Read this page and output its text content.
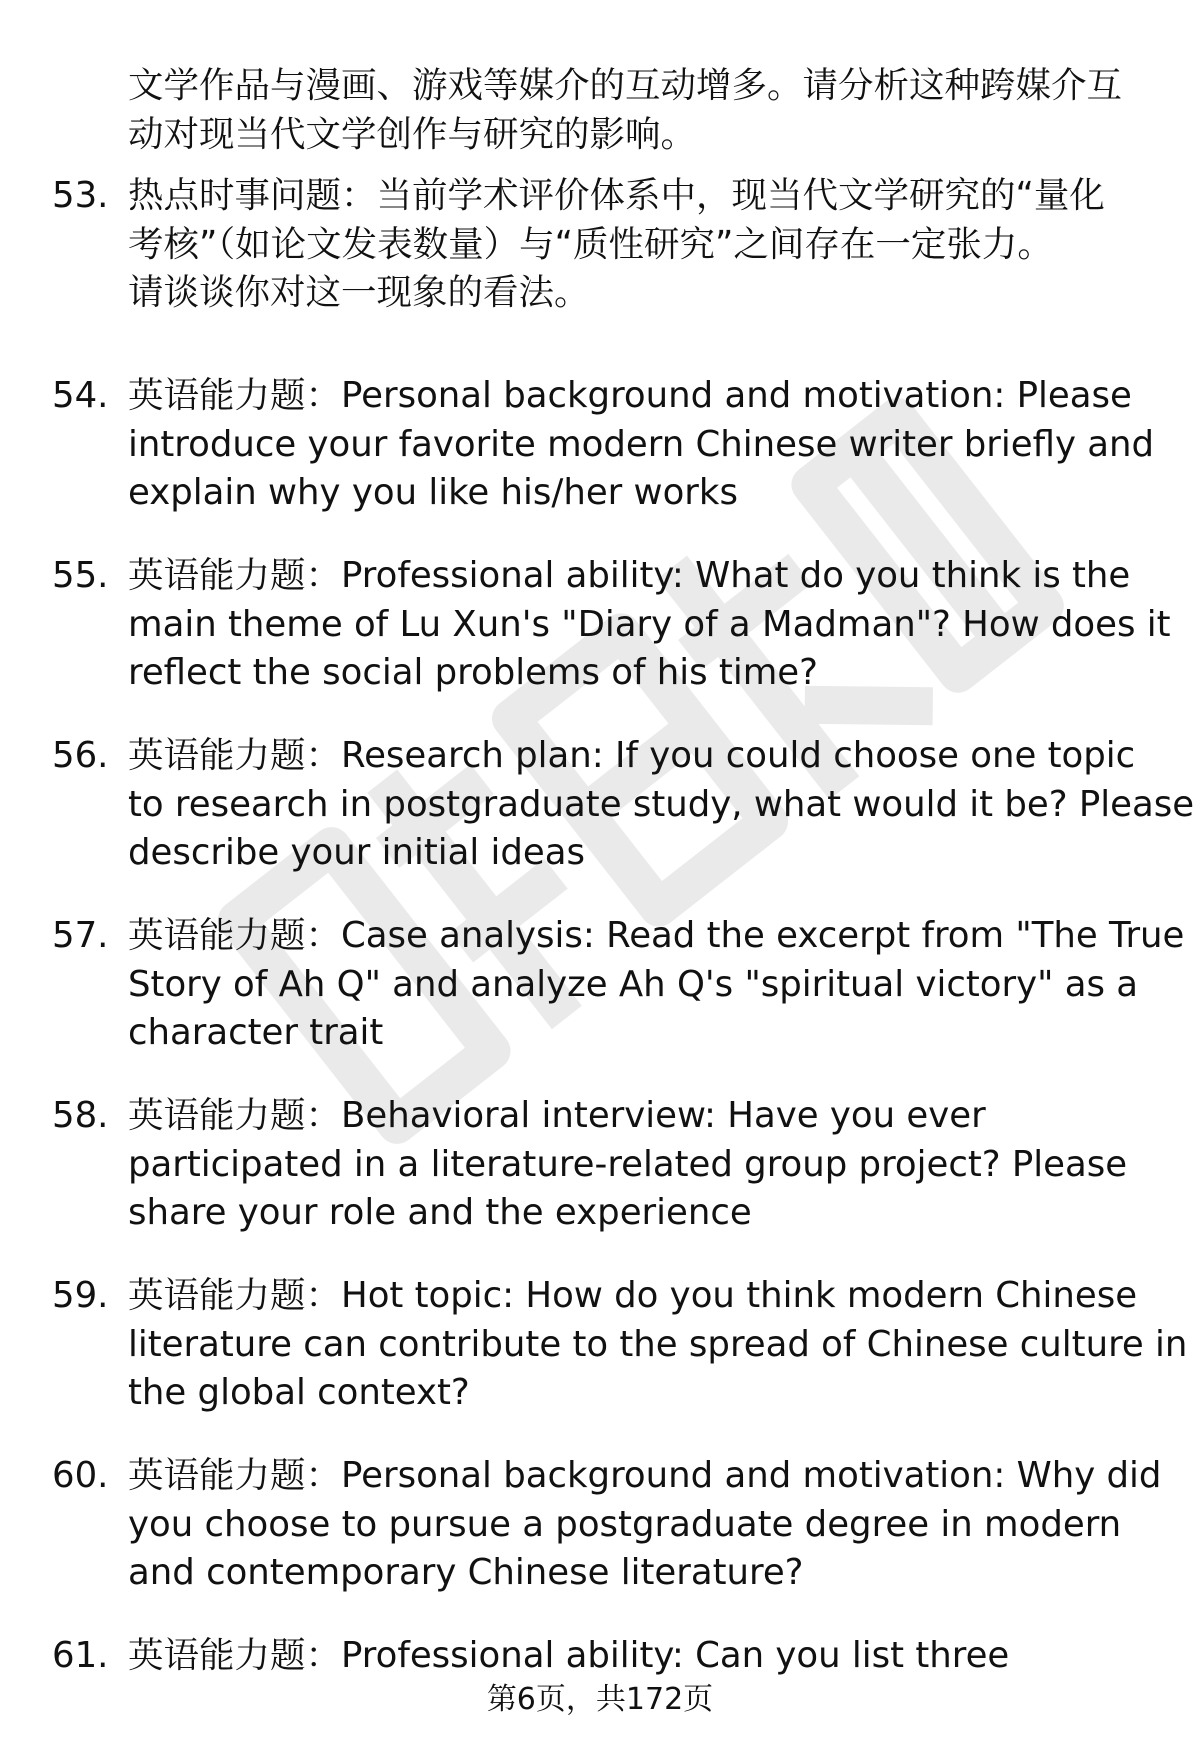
文学作品与漫画、游戏等媒介的互动增多。请分析这种跨媒介互
动对现当代文学创作与研究的影响。
53. 热点时事问题：当前学术评价体系中，现当代文学研究的“量化
考核”（如论文发表数量）与“质性研究”之间存在一定张力。
请谈谈你对这一现象的看法。
54. 英语能力题：Personal background and motivation: Please
introduce your favorite modern Chinese writer briefly and
explain why you like his/her works
55. 英语能力题：Professional ability: What do you think is the
main theme of Lu Xun's "Diary of a Madman"? How does it
reflect the social problems of his time?
56. 英语能力题：Research plan: If you could choose one topic
to research in postgraduate study, what would it be? Please
describe your initial ideas
57. 英语能力题：Case analysis: Read the excerpt from "The True
Story of Ah Q" and analyze Ah Q's "spiritual victory" as a
character trait
58. 英语能力题：Behavioral interview: Have you ever
participated in a literature-related group project? Please
share your role and the experience
59. 英语能力题：Hot topic: How do you think modern Chinese
literature can contribute to the spread of Chinese culture in
the global context?
60. 英语能力题：Personal background and motivation: Why did
you choose to pursue a postgraduate degree in modern
and contemporary Chinese literature?
61. 英语能力题：Professional ability: Can you list three
第6页，共172页
